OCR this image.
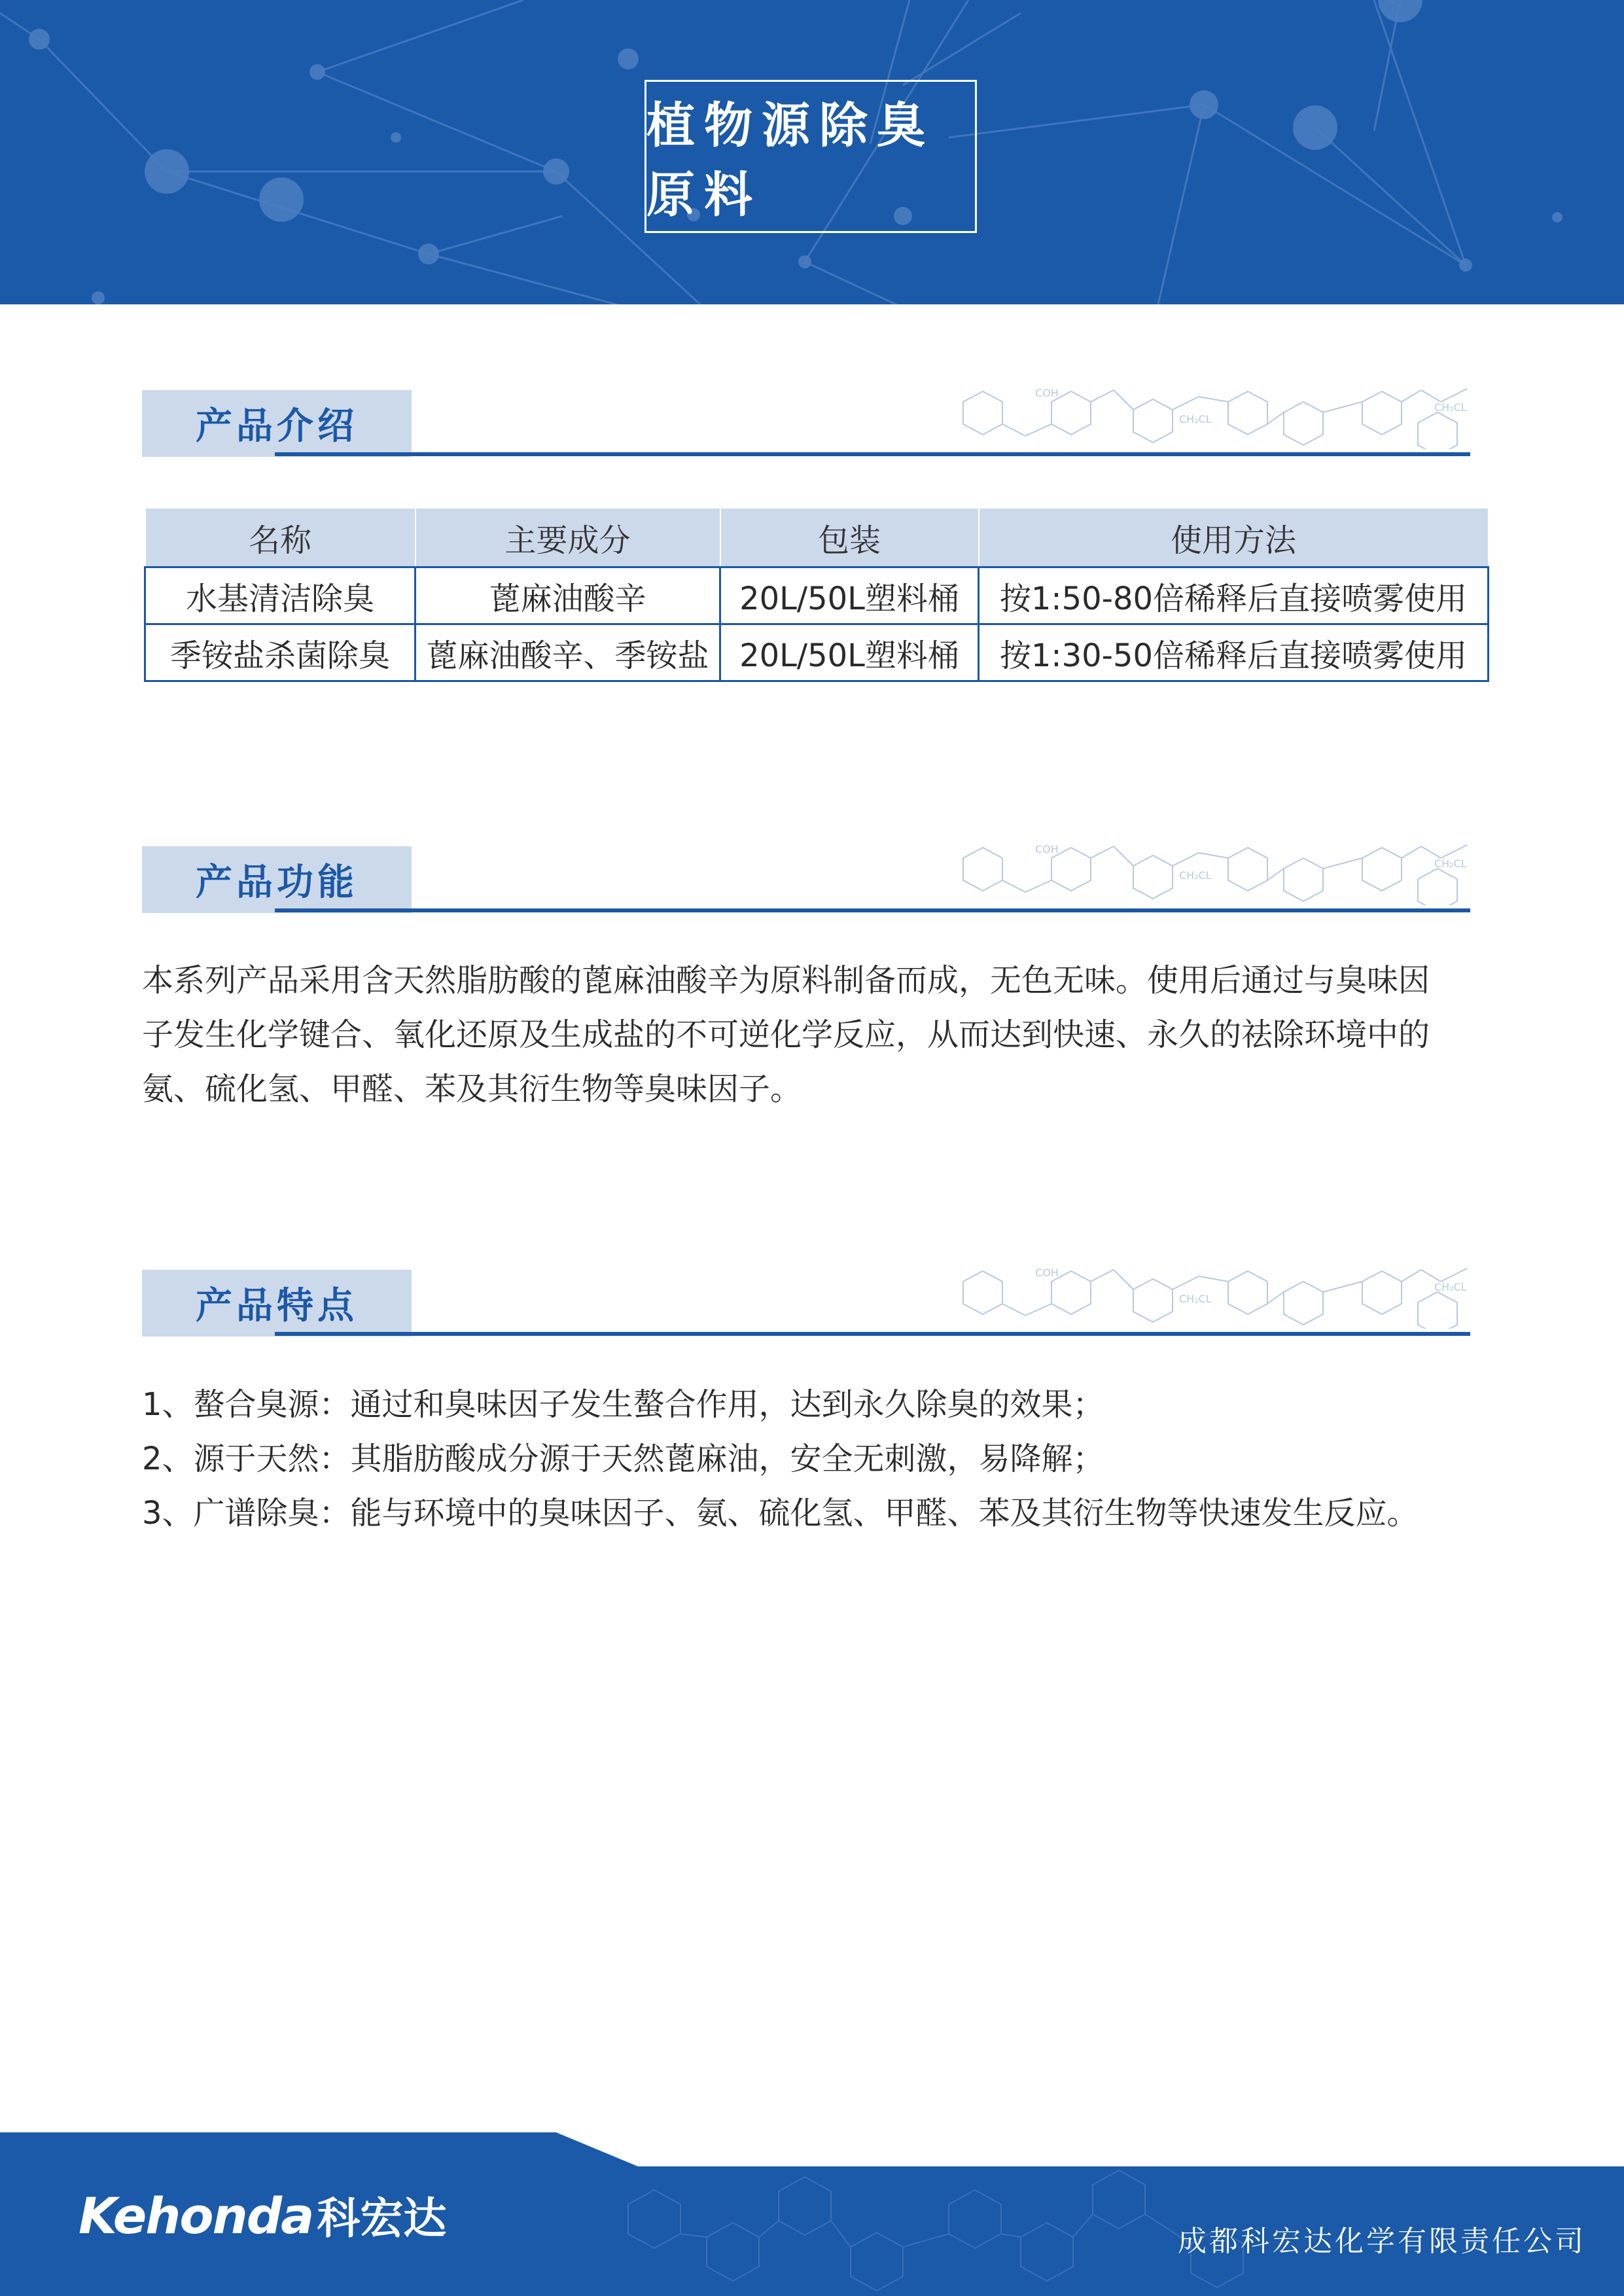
植物源除臭原料
产品介绍
COH
CH₂CL
CH₂CL
名称	主要成分	包装	使用方法
水基清洁除臭	蓖麻油酸辛	20L/50L塑料桶	按1:50-80倍稀释后直接喷雾使用
季铵盐杀菌除臭	蓖麻油酸辛、季铵盐	20L/50L塑料桶	按1:30-50倍稀释后直接喷雾使用
产品功能
COH
CH₂CL
CH₂CL
本系列产品采用含天然脂肪酸的蓖麻油酸辛为原料制备而成，无色无味。使用后通过与臭味因
子发生化学键合、氧化还原及生成盐的不可逆化学反应，从而达到快速、永久的祛除环境中的
氨、硫化氢、甲醛、苯及其衍生物等臭味因子。
产品特点
COH
CH₂CL
CH₂CL
1、螯合臭源：通过和臭味因子发生螯合作用，达到永久除臭的效果；
2、源于天然：其脂肪酸成分源于天然蓖麻油，安全无刺激，易降解；
3、广谱除臭：能与环境中的臭味因子、氨、硫化氢、甲醛、苯及其衍生物等快速发生反应。
Kehonda 科宏达	成都科宏达化学有限责任公司
